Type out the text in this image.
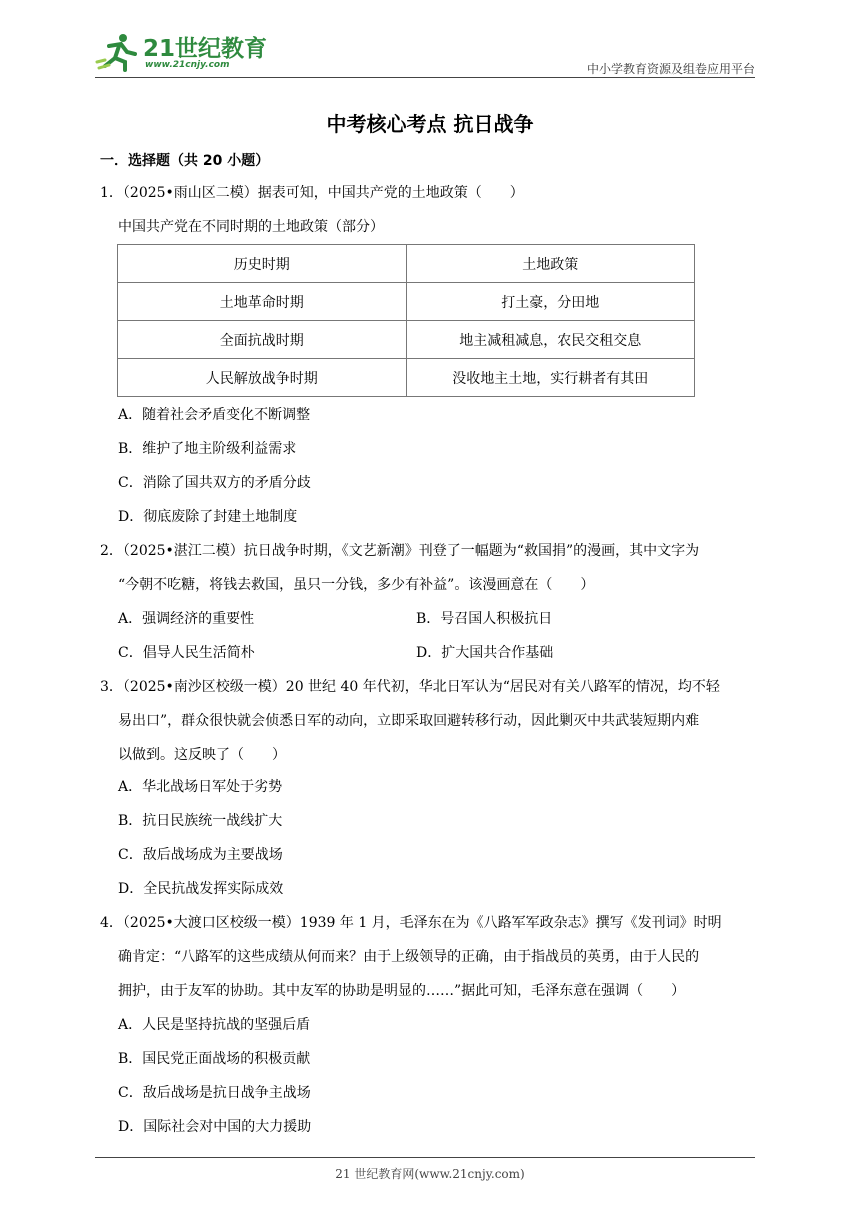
21世纪教育
www.21cnjy.com	中小学教育资源及组卷应用平台
中考核心考点 抗日战争
一．选择题（共 20 小题）
1．（2025•雨山区二模）据表可知，中国共产党的土地政策（　　）
中国共产党在不同时期的土地政策（部分）
历史时期	土地政策
土地革命时期	打土豪，分田地
全面抗战时期	地主减租减息，农民交租交息
人民解放战争时期	没收地主土地，实行耕者有其田
A．随着社会矛盾变化不断调整
B．维护了地主阶级利益需求
C．消除了国共双方的矛盾分歧
D．彻底废除了封建土地制度
2．（2025•湛江二模）抗日战争时期，《文艺新潮》刊登了一幅题为“救国捐”的漫画，其中文字为
“今朝不吃糖，将钱去救国，虽只一分钱，多少有补益”。该漫画意在（　　）
A．强调经济的重要性	B．号召国人积极抗日
C．倡导人民生活简朴	D．扩大国共合作基础
3．（2025•南沙区校级一模）20 世纪 40 年代初，华北日军认为“居民对有关八路军的情况，均不轻
易出口”，群众很快就会侦悉日军的动向，立即采取回避转移行动，因此剿灭中共武装短期内难
以做到。这反映了（　　）
A．华北战场日军处于劣势
B．抗日民族统一战线扩大
C．敌后战场成为主要战场
D．全民抗战发挥实际成效
4．（2025•大渡口区校级一模）1939 年 1 月，毛泽东在为《八路军军政杂志》撰写《发刊词》时明
确肯定：“八路军的这些成绩从何而来？由于上级领导的正确，由于指战员的英勇，由于人民的
拥护，由于友军的协助。其中友军的协助是明显的……”据此可知，毛泽东意在强调（　　）
A．人民是坚持抗战的坚强后盾
B．国民党正面战场的积极贡献
C．敌后战场是抗日战争主战场
D．国际社会对中国的大力援助
21 世纪教育网(www.21cnjy.com)
